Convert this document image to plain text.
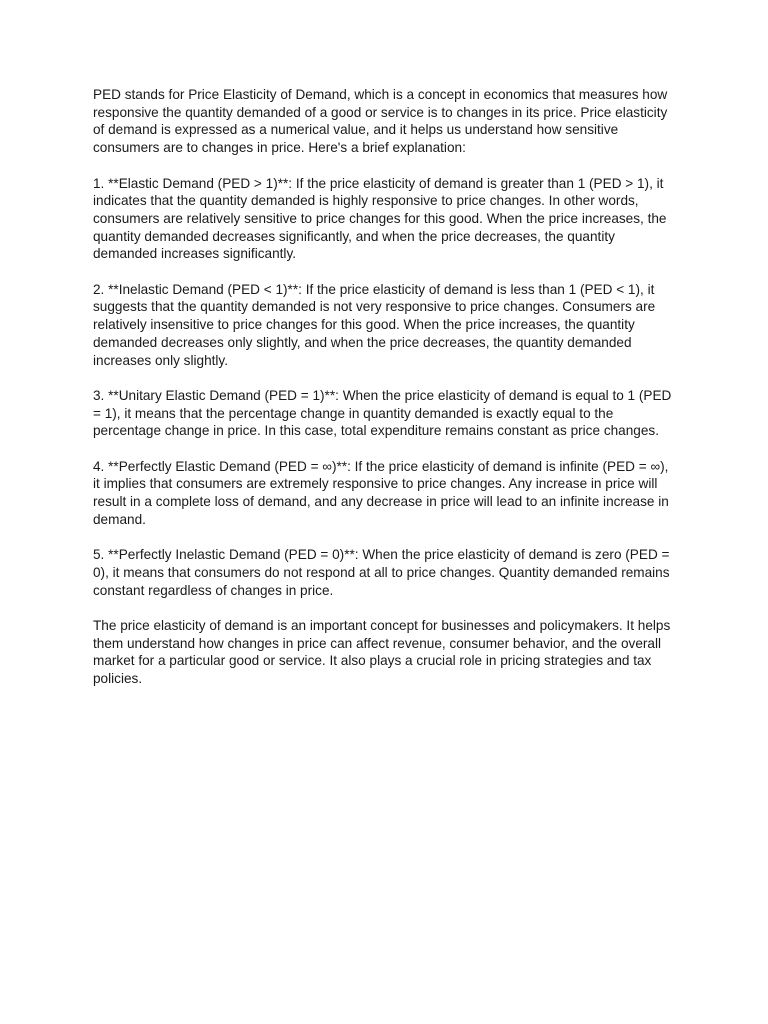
PED stands for Price Elasticity of Demand, which is a concept in economics that measures how responsive the quantity demanded of a good or service is to changes in its price. Price elasticity of demand is expressed as a numerical value, and it helps us understand how sensitive consumers are to changes in price. Here's a brief explanation:

1. **Elastic Demand (PED > 1)**: If the price elasticity of demand is greater than 1 (PED > 1), it indicates that the quantity demanded is highly responsive to price changes. In other words, consumers are relatively sensitive to price changes for this good. When the price increases, the quantity demanded decreases significantly, and when the price decreases, the quantity demanded increases significantly.

2. **Inelastic Demand (PED < 1)**: If the price elasticity of demand is less than 1 (PED < 1), it suggests that the quantity demanded is not very responsive to price changes. Consumers are relatively insensitive to price changes for this good. When the price increases, the quantity demanded decreases only slightly, and when the price decreases, the quantity demanded increases only slightly.

3. **Unitary Elastic Demand (PED = 1)**: When the price elasticity of demand is equal to 1 (PED = 1), it means that the percentage change in quantity demanded is exactly equal to the percentage change in price. In this case, total expenditure remains constant as price changes.

4. **Perfectly Elastic Demand (PED = ∞)**: If the price elasticity of demand is infinite (PED = ∞), it implies that consumers are extremely responsive to price changes. Any increase in price will result in a complete loss of demand, and any decrease in price will lead to an infinite increase in demand.

5. **Perfectly Inelastic Demand (PED = 0)**: When the price elasticity of demand is zero (PED = 0), it means that consumers do not respond at all to price changes. Quantity demanded remains constant regardless of changes in price.

The price elasticity of demand is an important concept for businesses and policymakers. It helps them understand how changes in price can affect revenue, consumer behavior, and the overall market for a particular good or service. It also plays a crucial role in pricing strategies and tax policies.
